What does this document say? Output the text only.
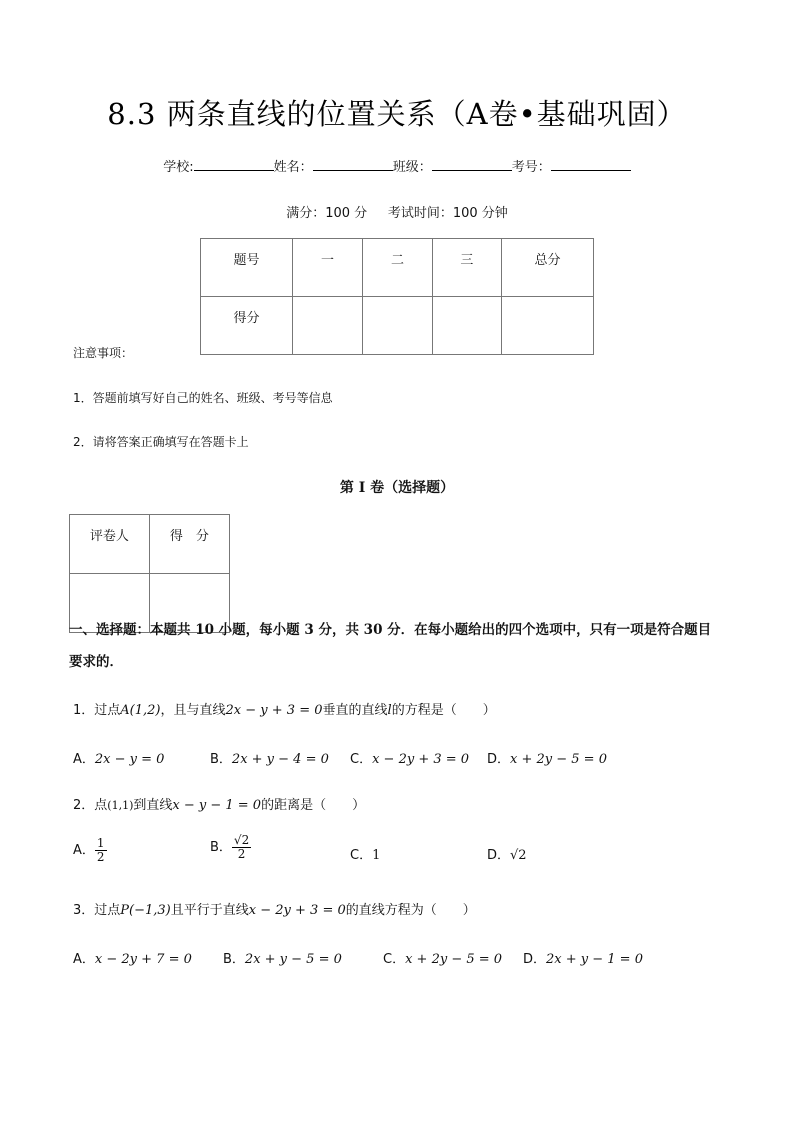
8.3 两条直线的位置关系（A卷•基础巩固）
学校:	姓名：	班级：	考号：
满分：100 分     考试时间：100 分钟
题号	一	二	三	总分
得分				
注意事项：
1．答题前填写好自己的姓名、班级、考号等信息
2．请将答案正确填写在答题卡上
第 I 卷（选择题）
评卷人	得　分

一、选择题：本题共 10 小题，每小题 3 分，共 30 分．在每小题给出的四个选项中，只有一项是符合题目
要求的．
1．过点A(1,2)，且与直线2x − y + 3 = 0垂直的直线l的方程是（　　）
A．2x − y = 0	B．2x + y − 4 = 0 C．x − 2y + 3 = 0 D．x + 2y − 5 = 0
2．点(1,1)到直线x − y − 1 = 0的距离是（　　）
A． $\frac{1}{2}$	B． $\frac{√2}{2}$	C．1	D．√2
3．过点P(−1,3)且平行于直线x − 2y + 3 = 0的直线方程为（　　）
A．x − 2y + 7 = 0 B．2x + y − 5 = 0	C．x + 2y − 5 = 0 D．2x + y − 1 = 0
